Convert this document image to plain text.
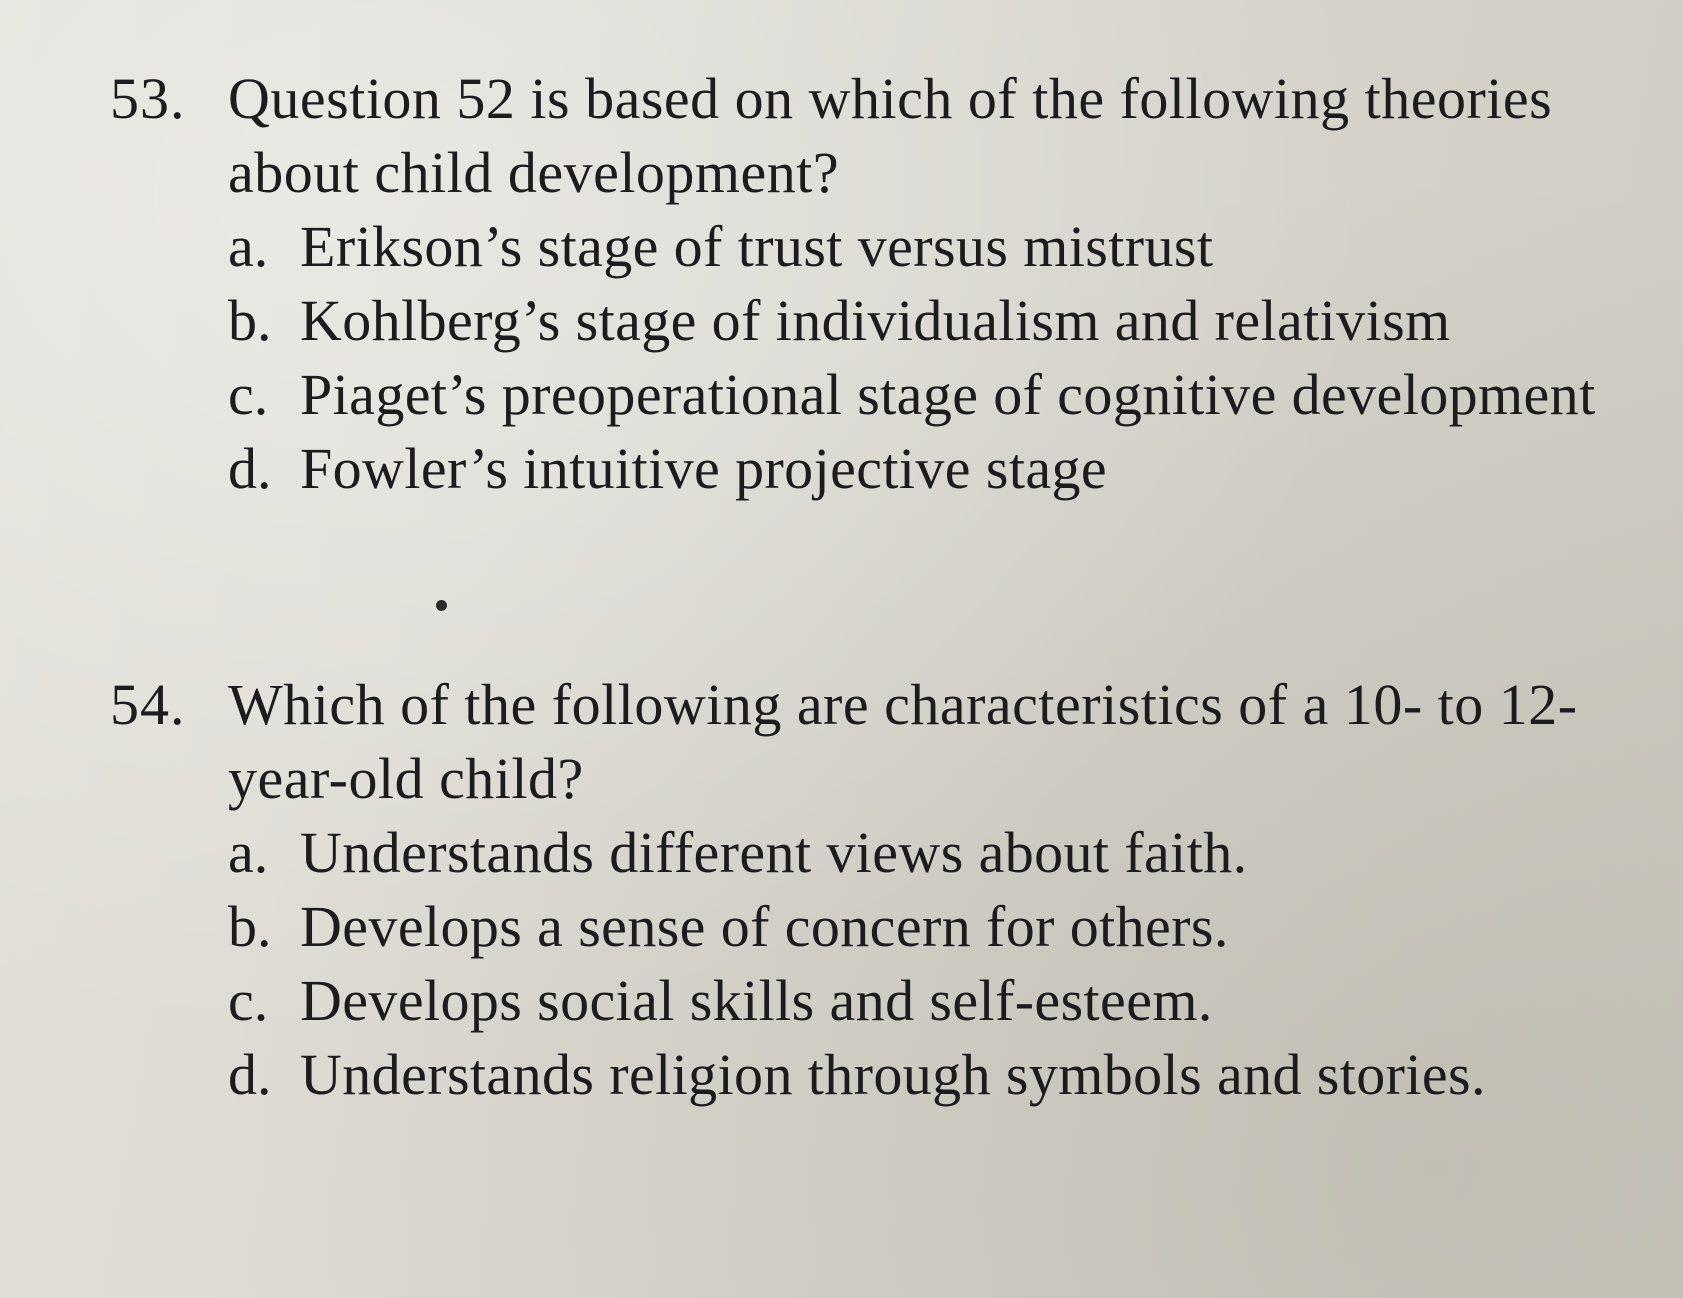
53. Question 52 is based on which of the following theories about child development?
a. Erikson’s stage of trust versus mistrust
b. Kohlberg’s stage of individualism and relativism
c. Piaget’s preoperational stage of cognitive development
d. Fowler’s intuitive projective stage
54. Which of the following are characteristics of a 10- to 12-year-old child?
a. Understands different views about faith.
b. Develops a sense of concern for others.
c. Develops social skills and self-esteem.
d. Understands religion through symbols and stories.
